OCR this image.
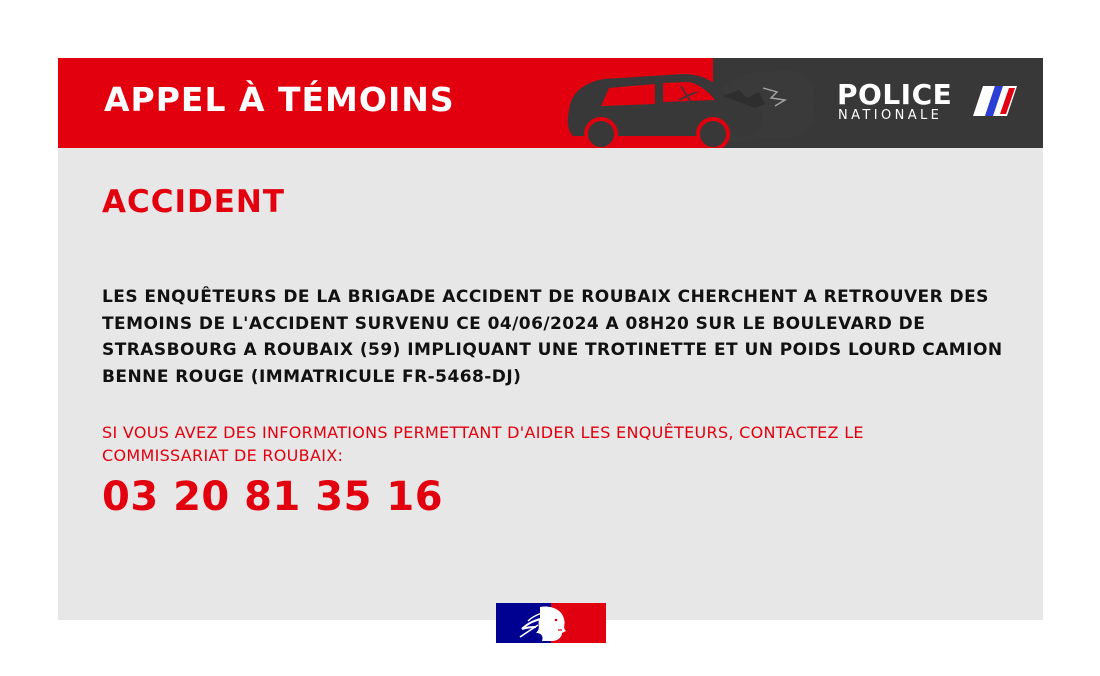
APPEL À TÉMOINS	POLICE
NATIONALE
ACCIDENT

LES ENQUÊTEURS DE LA BRIGADE ACCIDENT DE ROUBAIX CHERCHENT A RETROUVER DES TEMOINS DE L'ACCIDENT SURVENU CE 04/06/2024 A 08H20 SUR LE BOULEVARD DE STRASBOURG A ROUBAIX (59) IMPLIQUANT UNE TROTINETTE ET UN POIDS LOURD CAMION BENNE ROUGE (IMMATRICULE FR-5468-DJ)

SI VOUS AVEZ DES INFORMATIONS PERMETTANT D'AIDER LES ENQUÊTEURS, CONTACTEZ LE COMMISSARIAT DE ROUBAIX:

03 20 81 35 16
